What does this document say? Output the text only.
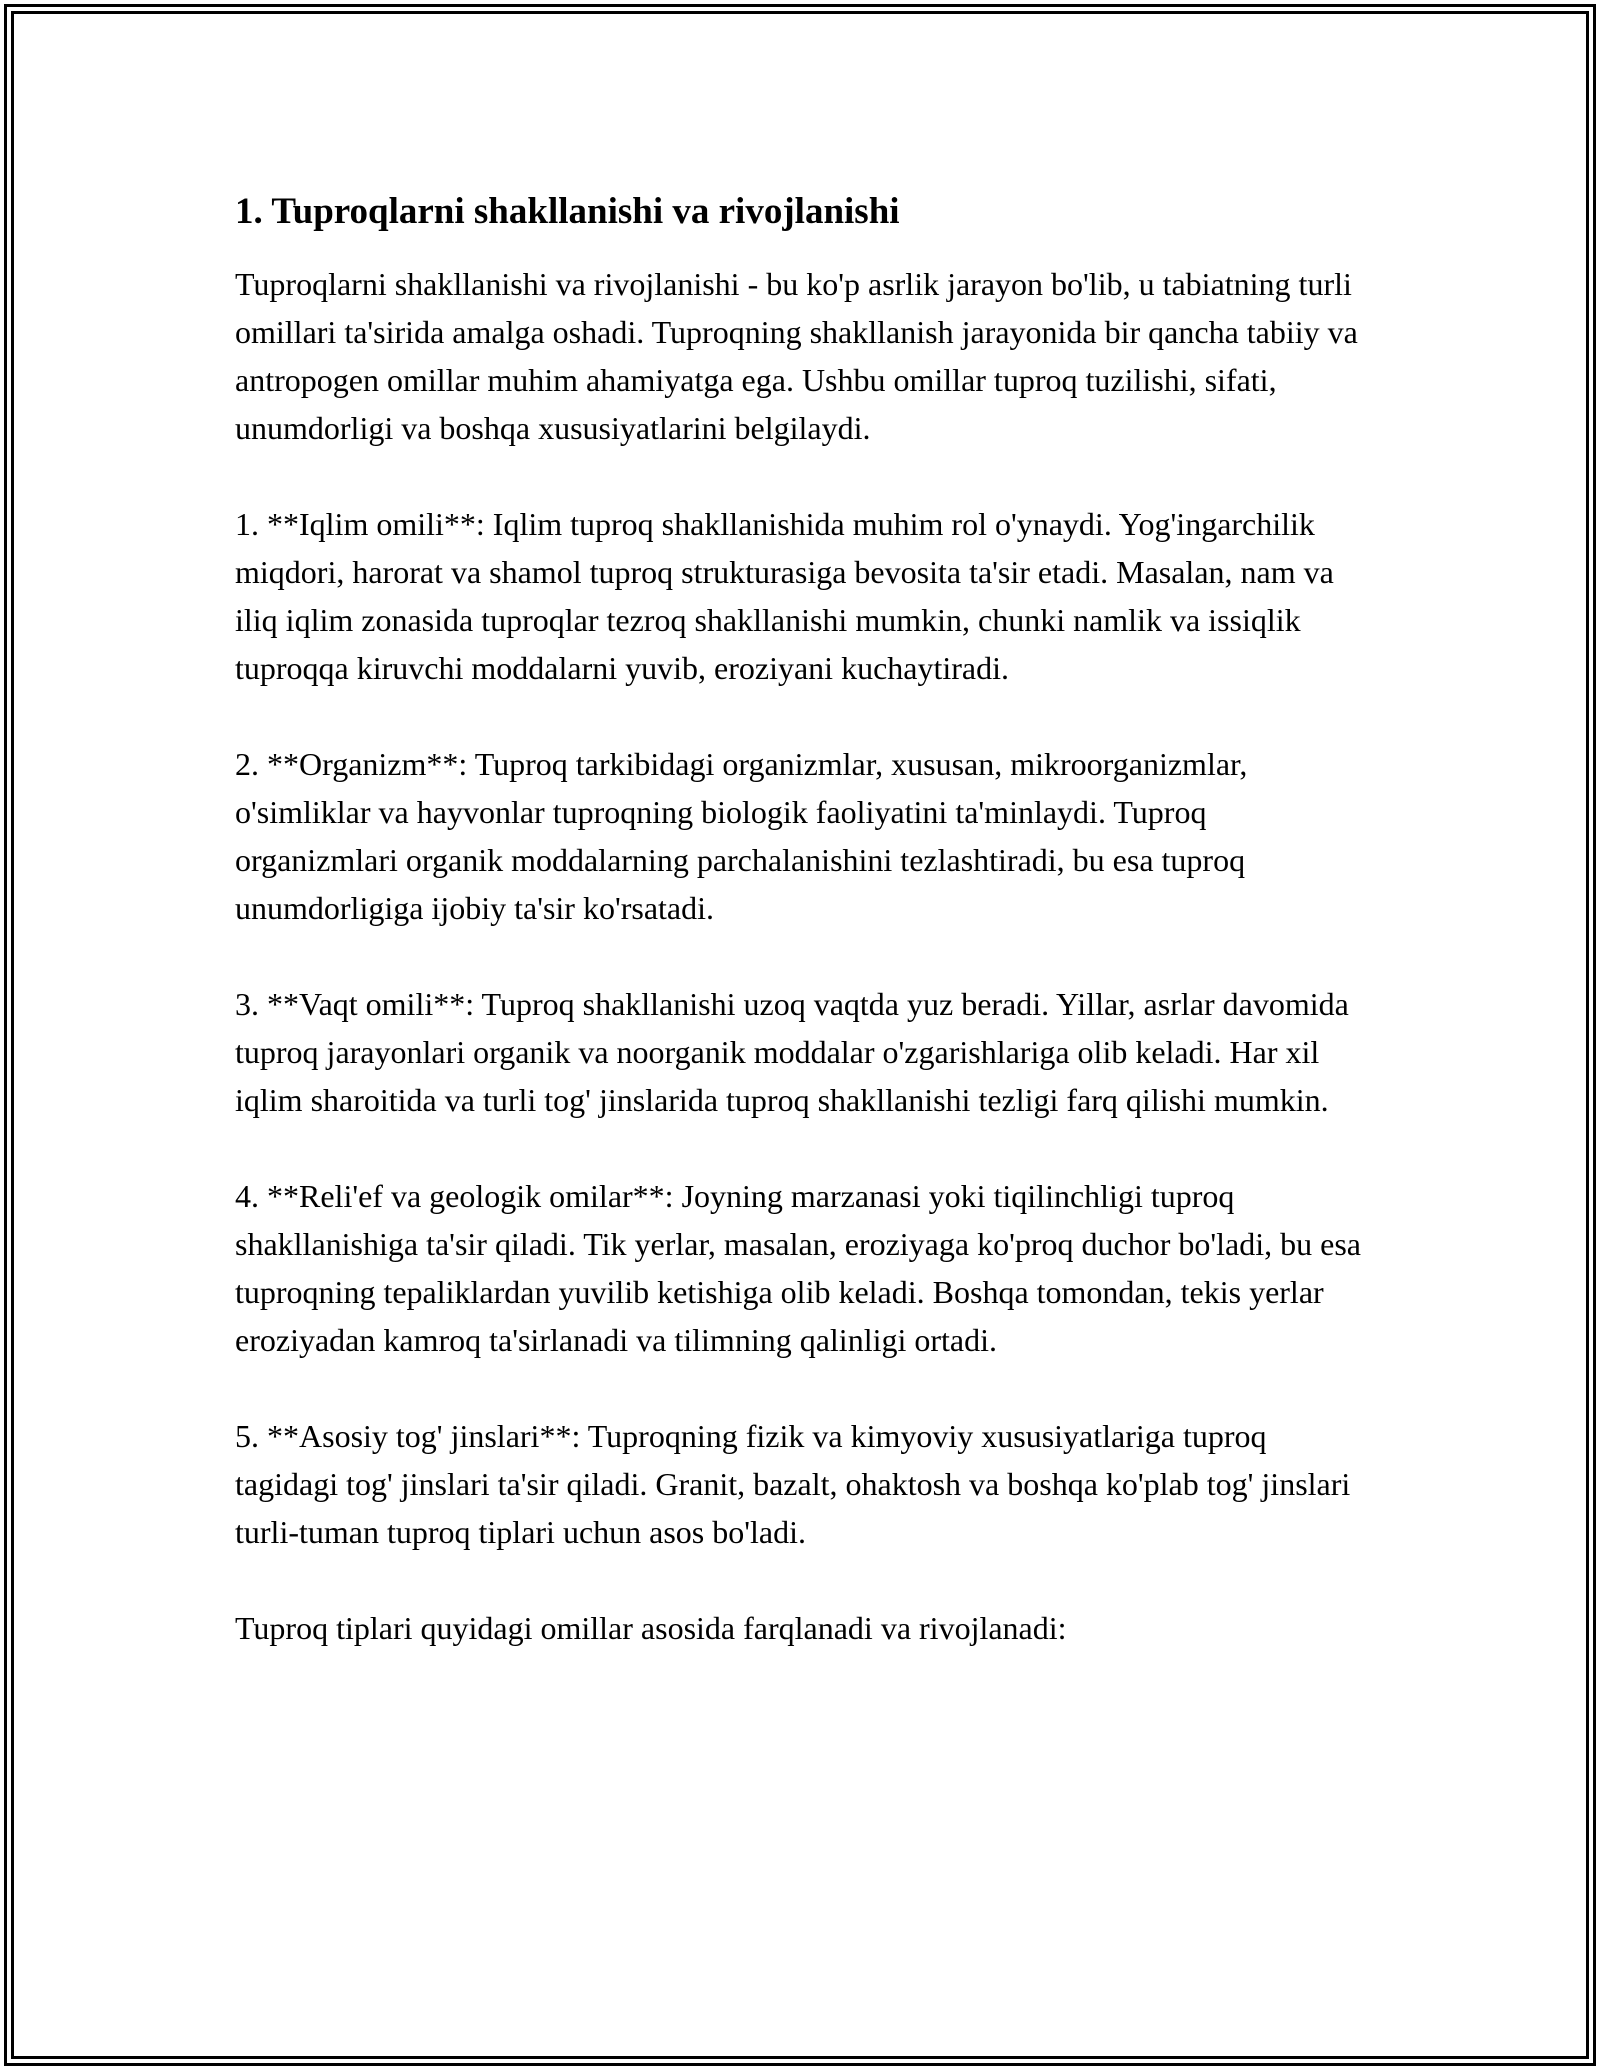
1. Tuproqlarni shakllanishi va rivojlanishi

Tuproqlarni shakllanishi va rivojlanishi - bu ko'p asrlik jarayon bo'lib, u tabiatning turli omillari ta'sirida amalga oshadi. Tuproqning shakllanish jarayonida bir qancha tabiiy va antropogen omillar muhim ahamiyatga ega. Ushbu omillar tuproq tuzilishi, sifati, unumdorligi va boshqa xususiyatlarini belgilaydi.

1. **Iqlim omili**: Iqlim tuproq shakllanishida muhim rol o'ynaydi. Yog'ingarchilik miqdori, harorat va shamol tuproq strukturasiga bevosita ta'sir etadi. Masalan, nam va iliq iqlim zonasida tuproqlar tezroq shakllanishi mumkin, chunki namlik va issiqlik tuproqqa kiruvchi moddalarni yuvib, eroziyani kuchaytiradi.

2. **Organizm**: Tuproq tarkibidagi organizmlar, xususan, mikroorganizmlar, o'simliklar va hayvonlar tuproqning biologik faoliyatini ta'minlaydi. Tuproq organizmlari organik moddalarning parchalanishini tezlashtiradi, bu esa tuproq unumdorligiga ijobiy ta'sir ko'rsatadi.

3. **Vaqt omili**: Tuproq shakllanishi uzoq vaqtda yuz beradi. Yillar, asrlar davomida tuproq jarayonlari organik va noorganik moddalar o'zgarishlariga olib keladi. Har xil iqlim sharoitida va turli tog' jinslarida tuproq shakllanishi tezligi farq qilishi mumkin.

4. **Reli'ef va geologik omilar**: Joyning marzanasi yoki tiqilinchligi tuproq shakllanishiga ta'sir qiladi. Tik yerlar, masalan, eroziyaga ko'proq duchor bo'ladi, bu esa tuproqning tepaliklardan yuvilib ketishiga olib keladi. Boshqa tomondan, tekis yerlar eroziyadan kamroq ta'sirlanadi va tilimning qalinligi ortadi.

5. **Asosiy tog' jinslari**: Tuproqning fizik va kimyoviy xususiyatlariga tuproq tagidagi tog' jinslari ta'sir qiladi. Granit, bazalt, ohaktosh va boshqa ko'plab tog' jinslari turli-tuman tuproq tiplari uchun asos bo'ladi.

Tuproq tiplari quyidagi omillar asosida farqlanadi va rivojlanadi:
